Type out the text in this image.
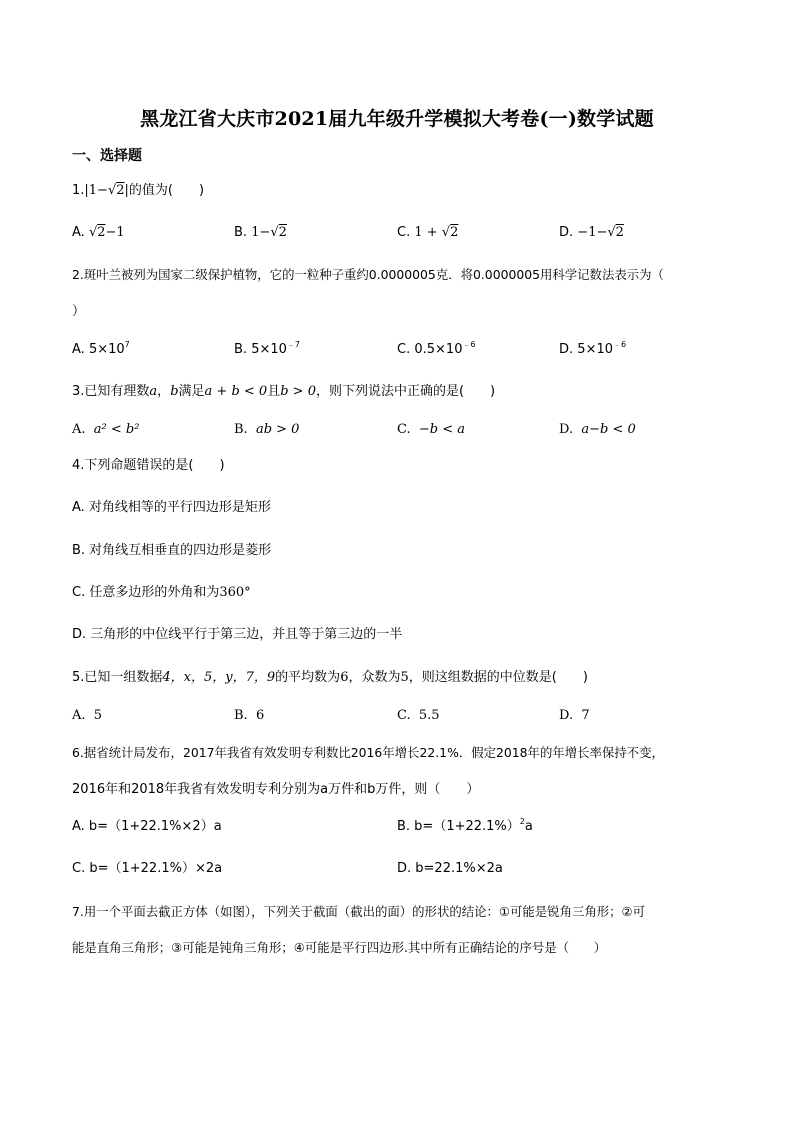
黑龙江省大庆市2021届九年级升学模拟大考卷(一)数学试题
一、选择题
1.|1−√2|的值为(　　)
A. √2−1	B. 1−√2	C. 1 + √2	D. −1−√2
2.斑叶兰被列为国家二级保护植物，它的一粒种子重约0.0000005克．将0.0000005用科学记数法表示为（
）
A. $5\times 10^7$	B. $5\times 10^{﹣7}$	C. $0.5\times 10^{﹣6}$	D. $5\times 10^{﹣6}$
3.已知有理数a，b满足a + b < 0且b > 0，则下列说法中正确的是(　　)
A. a² < b²	B. ab > 0	C. −b < a	D. a−b < 0
4.下列命题错误的是(　　)
A. 对角线相等的平行四边形是矩形
B. 对角线互相垂直的四边形是菱形
C. 任意多边形的外角和为360°
D. 三角形的中位线平行于第三边，并且等于第三边的一半
5.已知一组数据4，x，5，y，7，9的平均数为6，众数为5，则这组数据的中位数是(　　)
A. 5	B. 6	C. 5.5	D. 7
6.据省统计局发布，2017年我省有效发明专利数比2016年增长22.1%．假定2018年的年增长率保持不变，
2016年和2018年我省有效发明专利分别为a万件和b万件，则（　　）
A. b=（1+22.1%×2）a	B. $b=(1+22.1\%)^2a$
C. b=（1+22.1%）×2a	D. b=22.1%×2a
7.用一个平面去截正方体（如图），下列关于截面（截出的面）的形状的结论：①可能是锐角三角形；②可
能是直角三角形；③可能是钝角三角形；④可能是平行四边形.其中所有正确结论的序号是（　　）
